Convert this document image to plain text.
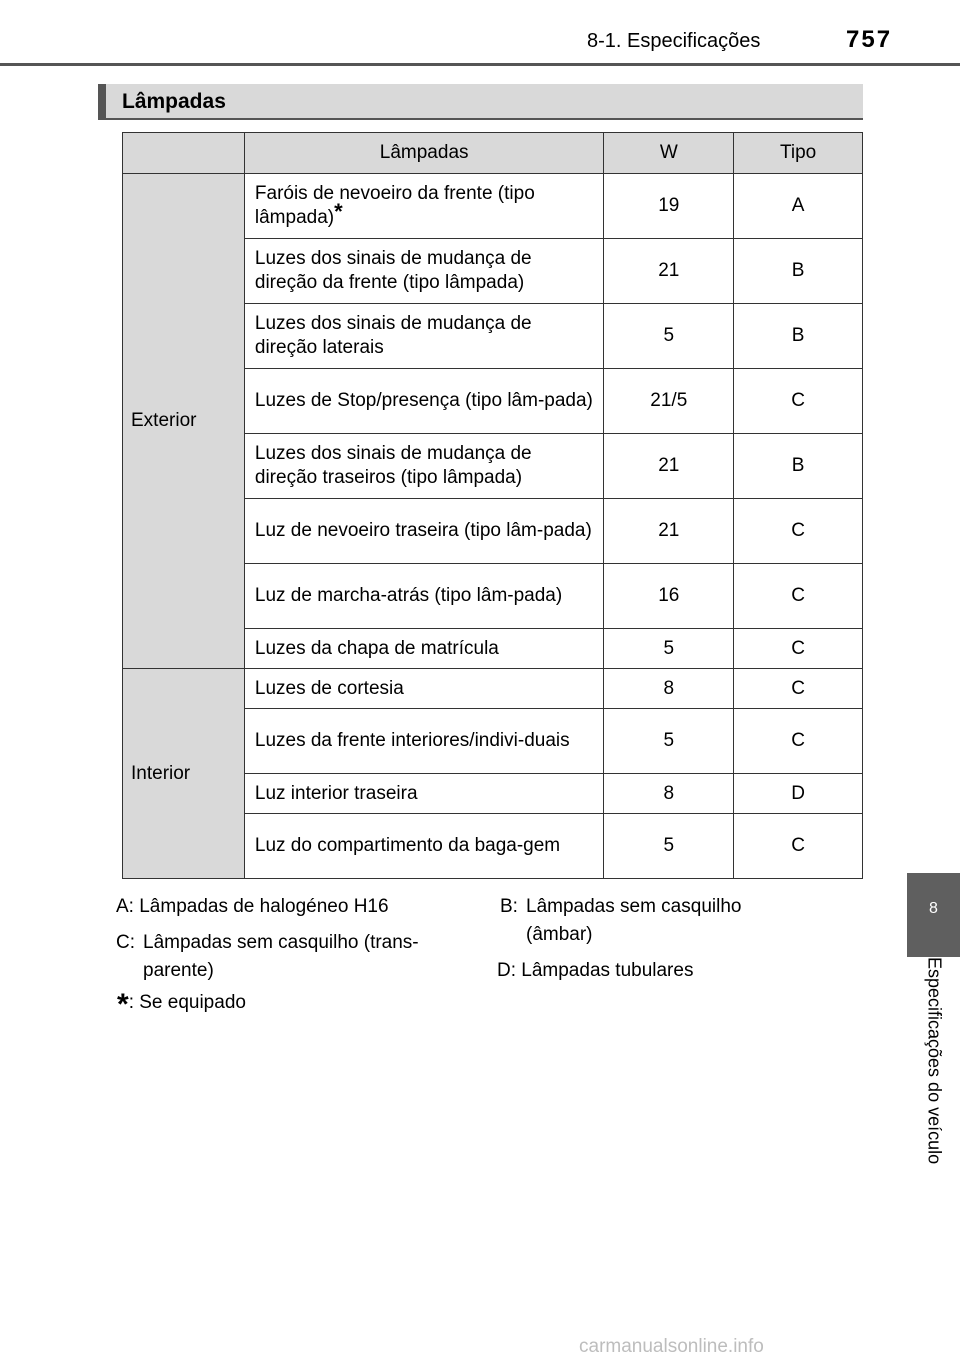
8-1. Especificações	757
8
Especificações do veículo
Lâmpadas
	Lâmpadas	W	Tipo
Exterior	Faróis de nevoeiro da frente (tipo lâmpada)*	19	A
	Luzes dos sinais de mudança de direção da frente (tipo lâmpada)	21	B
	Luzes dos sinais de mudança de direção laterais	5	B
	Luzes de Stop/presença (tipo lâm-pada)	21/5	C
	Luzes dos sinais de mudança de direção traseiros (tipo lâmpada)	21	B
	Luz de nevoeiro traseira (tipo lâm-pada)	21	C
	Luz de marcha-atrás (tipo lâm-pada)	16	C
	Luzes da chapa de matrícula	5	C
Interior	Luzes de cortesia	8	C
	Luzes da frente interiores/indivi-duais	5	C
	Luz interior traseira	8	D
	Luz do compartimento da baga-gem	5	C
A: Lâmpadas de halogéneo H16	B: Lâmpadas sem casquilho (âmbar)
C: Lâmpadas sem casquilho (trans-parente)	D: Lâmpadas tubulares
*: Se equipado
carmanualsonline.info
